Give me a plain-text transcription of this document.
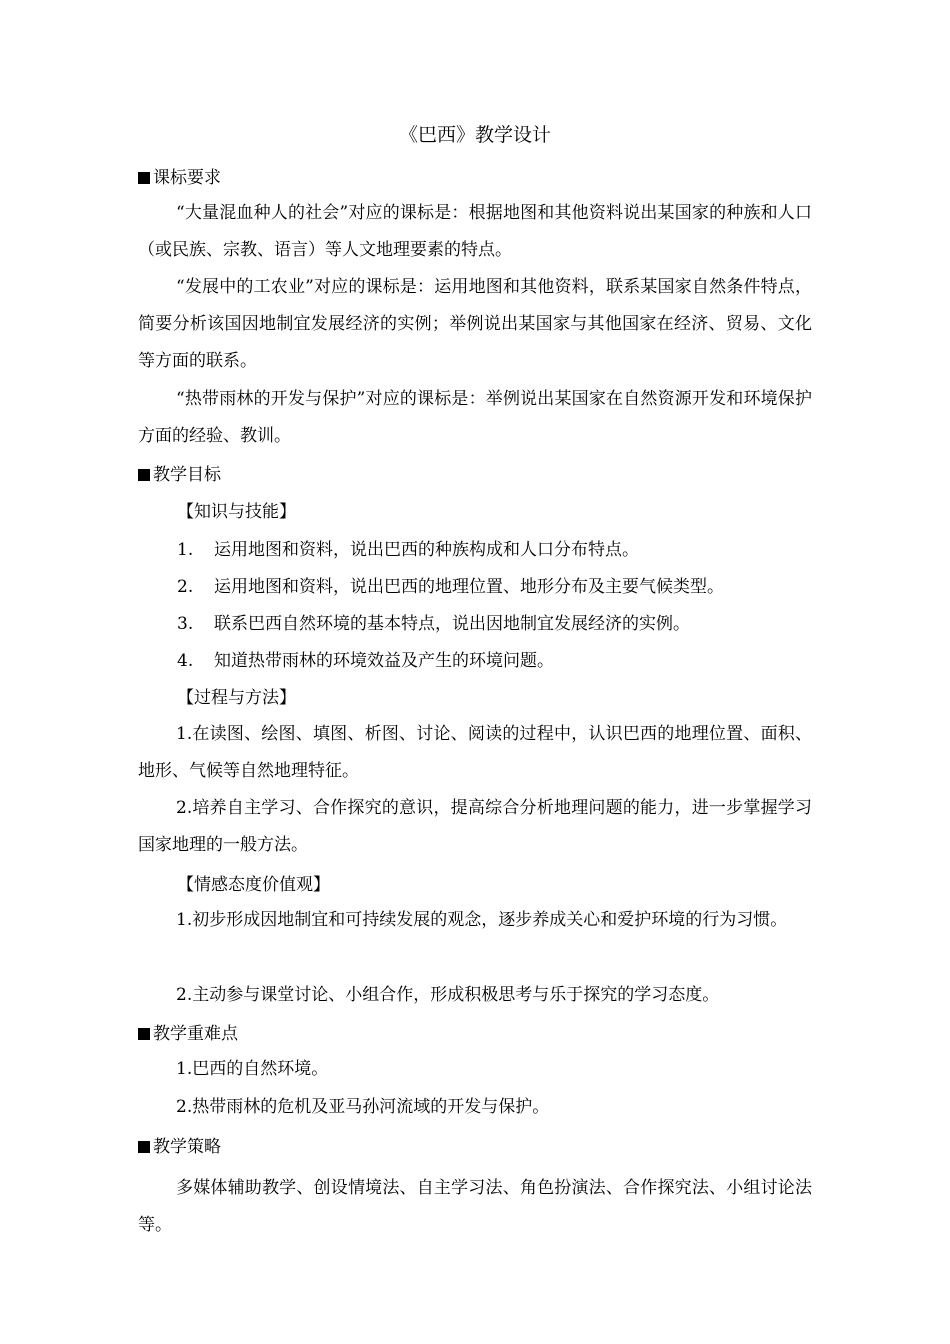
《巴西》教学设计
课标要求
“大量混血种人的社会”对应的课标是：根据地图和其他资料说出某国家的种族和人口（或民族、宗教、语言）等人文地理要素的特点。
“发展中的工农业”对应的课标是：运用地图和其他资料，联系某国家自然条件特点，简要分析该国因地制宜发展经济的实例；举例说出某国家与其他国家在经济、贸易、文化等方面的联系。
“热带雨林的开发与保护”对应的课标是：举例说出某国家在自然资源开发和环境保护方面的经验、教训。
教学目标
【知识与技能】
1. 运用地图和资料，说出巴西的种族构成和人口分布特点。
2. 运用地图和资料，说出巴西的地理位置、地形分布及主要气候类型。
3. 联系巴西自然环境的基本特点，说出因地制宜发展经济的实例。
4. 知道热带雨林的环境效益及产生的环境问题。
【过程与方法】
1.在读图、绘图、填图、析图、讨论、阅读的过程中，认识巴西的地理位置、面积、地形、气候等自然地理特征。
2.培养自主学习、合作探究的意识，提高综合分析地理问题的能力，进一步掌握学习国家地理的一般方法。
【情感态度价值观】
1.初步形成因地制宜和可持续发展的观念，逐步养成关心和爱护环境的行为习惯。
2.主动参与课堂讨论、小组合作，形成积极思考与乐于探究的学习态度。
教学重难点
1.巴西的自然环境。
2.热带雨林的危机及亚马孙河流域的开发与保护。
教学策略
多媒体辅助教学、创设情境法、自主学习法、角色扮演法、合作探究法、小组讨论法等。
